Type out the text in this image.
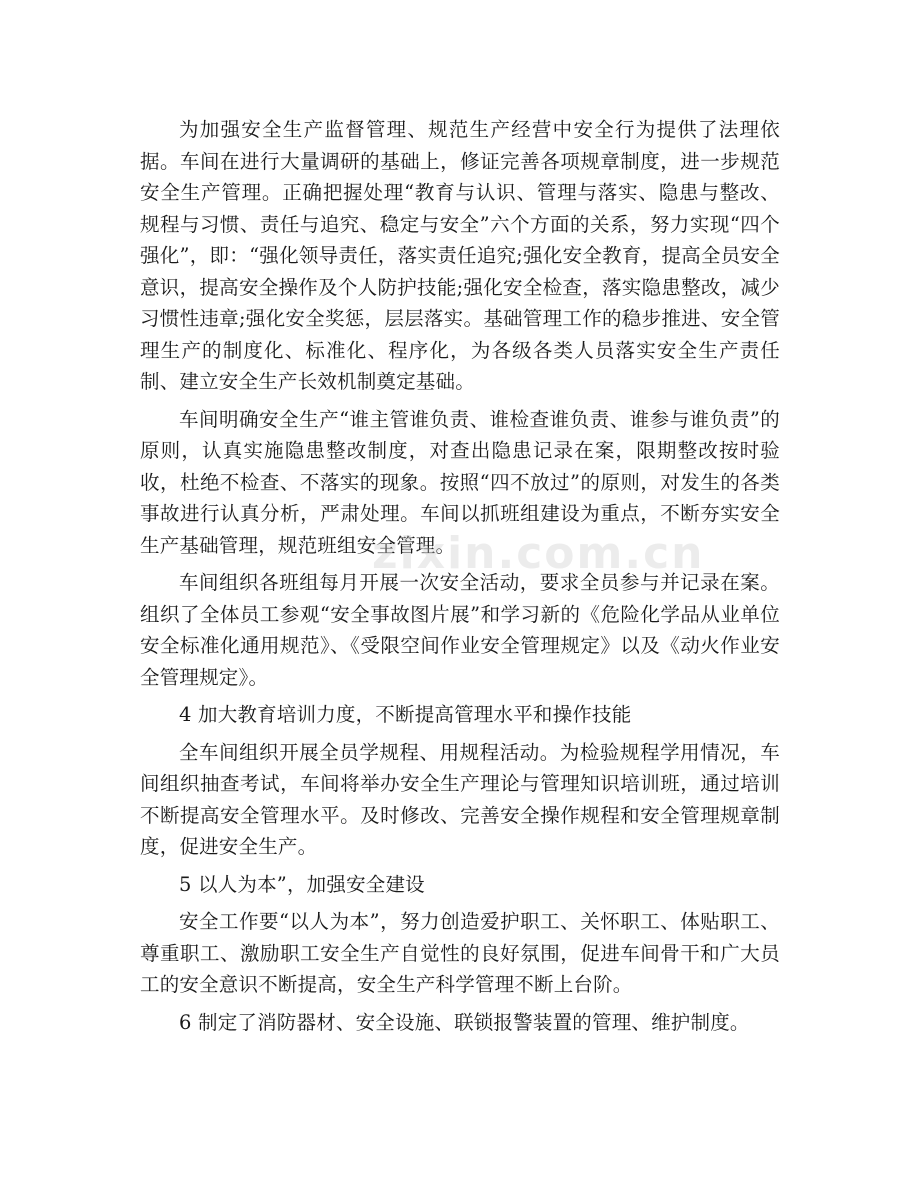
为加强安全生产监督管理、规范生产经营中安全行为提供了法理依据。车间在进行大量调研的基础上，修证完善各项规章制度，进一步规范安全生产管理。正确把握处理“教育与认识、管理与落实、隐患与整改、规程与习惯、责任与追究、稳定与安全”六个方面的关系，努力实现“四个强化”，即：“强化领导责任，落实责任追究;强化安全教育，提高全员安全意识，提高安全操作及个人防护技能;强化安全检查，落实隐患整改，减少习惯性违章;强化安全奖惩，层层落实。基础管理工作的稳步推进、安全管理生产的制度化、标准化、程序化，为各级各类人员落实安全生产责任制、建立安全生产长效机制奠定基础。

车间明确安全生产“谁主管谁负责、谁检查谁负责、谁参与谁负责”的原则，认真实施隐患整改制度，对查出隐患记录在案，限期整改按时验收，杜绝不检查、不落实的现象。按照“四不放过”的原则，对发生的各类事故进行认真分析，严肃处理。车间以抓班组建设为重点，不断夯实安全生产基础管理，规范班组安全管理。

车间组织各班组每月开展一次安全活动，要求全员参与并记录在案。组织了全体员工参观“安全事故图片展”和学习新的《危险化学品从业单位安全标准化通用规范》、《受限空间作业安全管理规定》以及《动火作业安全管理规定》。

4 加大教育培训力度，不断提高管理水平和操作技能

全车间组织开展全员学规程、用规程活动。为检验规程学用情况，车间组织抽查考试，车间将举办安全生产理论与管理知识培训班，通过培训不断提高安全管理水平。及时修改、完善安全操作规程和安全管理规章制度，促进安全生产。

5 以人为本”，加强安全建设

安全工作要“以人为本”，努力创造爱护职工、关怀职工、体贴职工、尊重职工、激励职工安全生产自觉性的良好氛围，促进车间骨干和广大员工的安全意识不断提高，安全生产科学管理不断上台阶。

6 制定了消防器材、安全设施、联锁报警装置的管理、维护制度。

zixin.com.cn
